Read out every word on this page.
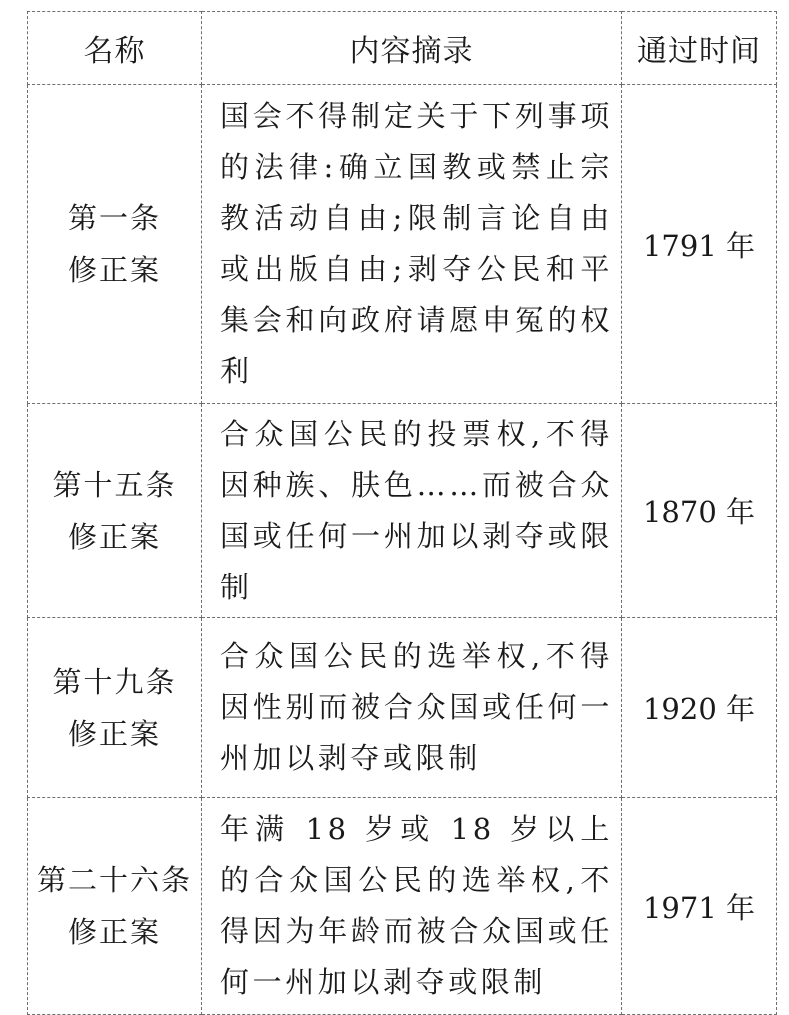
名称	内容摘录	通过时间

第一条
修正案	国会不得制定关于下列事项的法律:确立国教或禁止宗教活动自由;限制言论自由或出版自由;剥夺公民和平集会和向政府请愿申冤的权利	1791 年

第十五条
修正案	合众国公民的投票权,不得因种族、肤色……而被合众国或任何一州加以剥夺或限制	1870 年

第十九条
修正案	合众国公民的选举权,不得因性别而被合众国或任何一州加以剥夺或限制	1920 年

第二十六条
修正案	年满 18 岁或 18 岁以上的合众国公民的选举权,不得因为年龄而被合众国或任何一州加以剥夺或限制	1971 年
